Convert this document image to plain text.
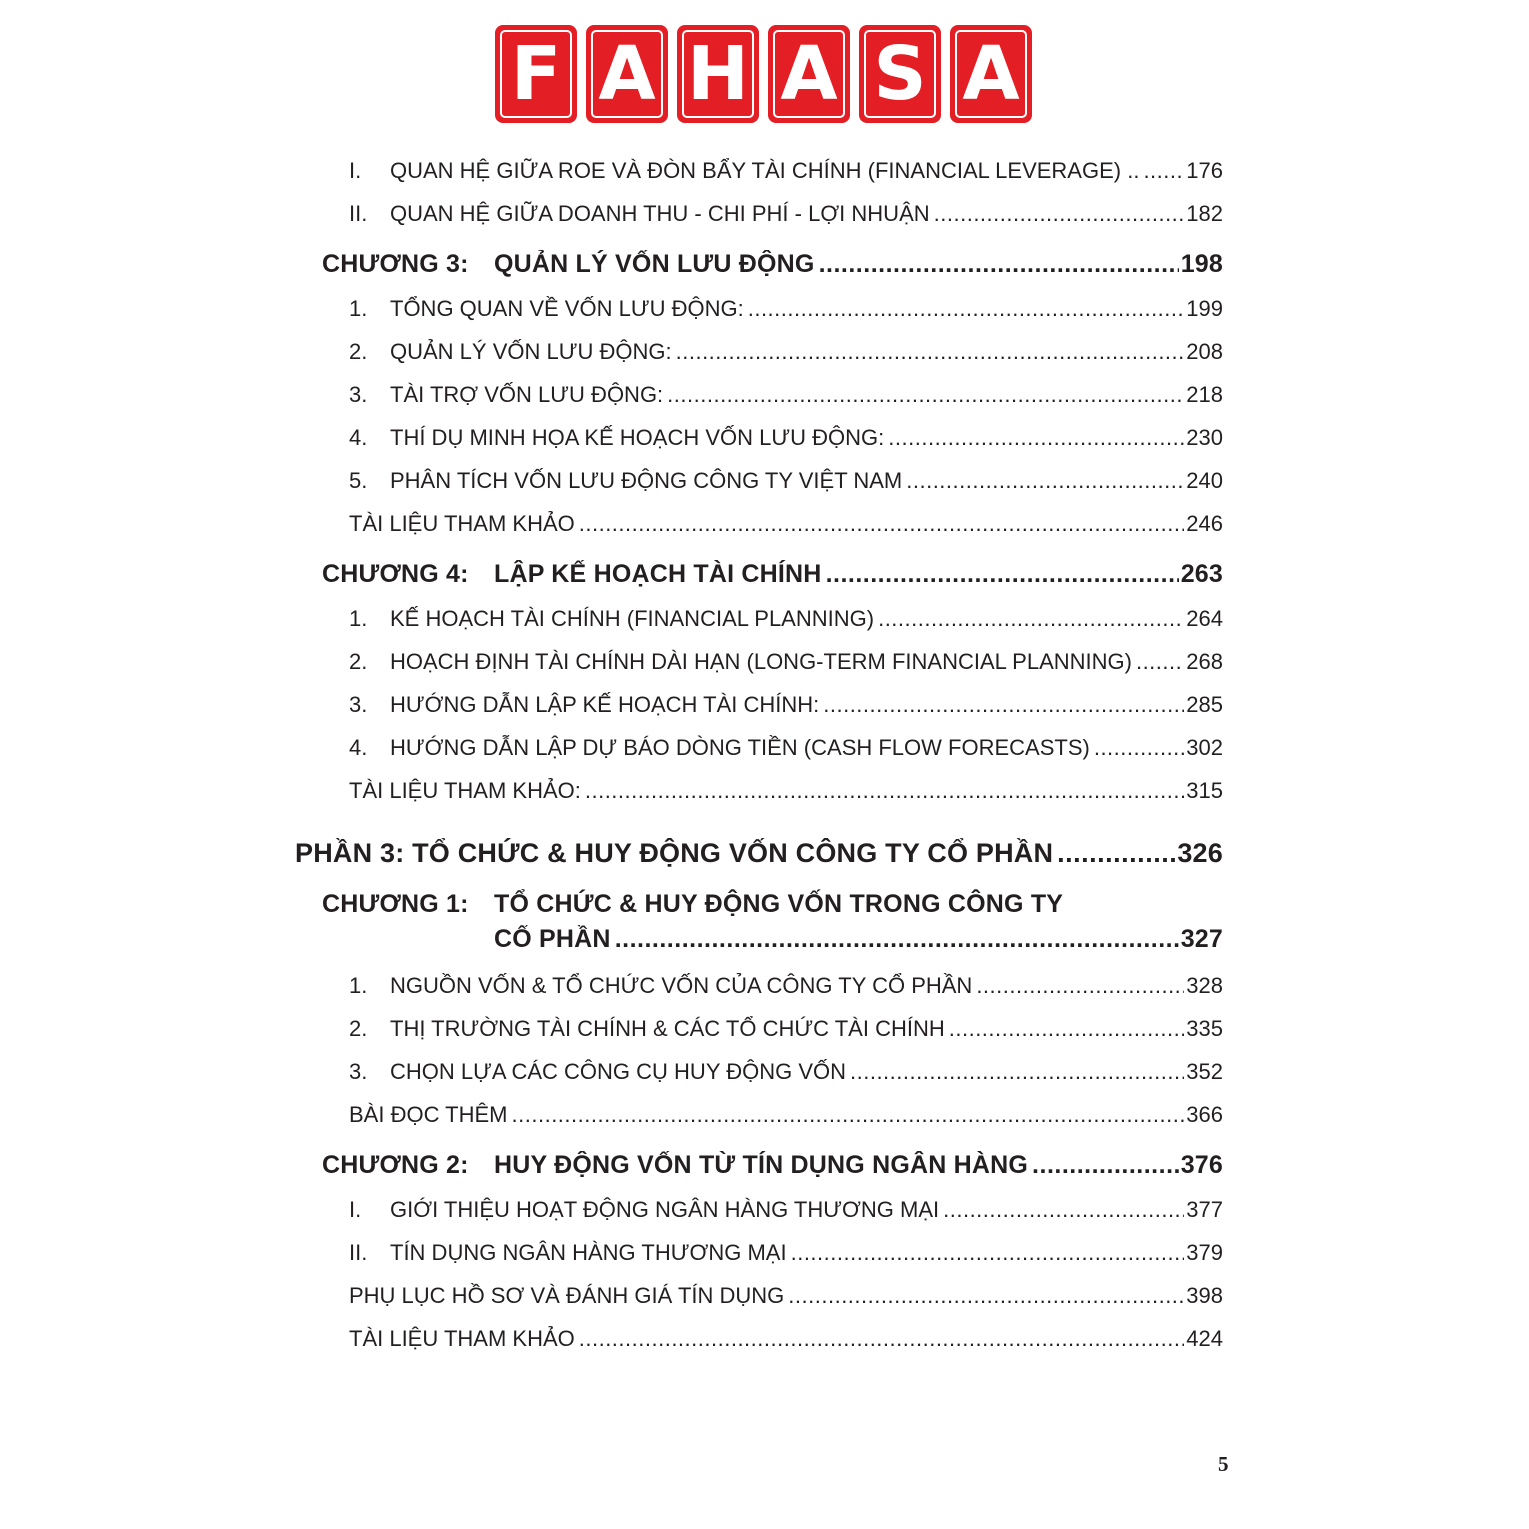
F A H A S A
I.	QUAN HỆ GIỮA ROE VÀ ĐÒN BẨY TÀI CHÍNH (FINANCIAL LEVERAGE) .. ..... 176
II.	QUAN HỆ GIỮA DOANH THU - CHI PHÍ - LỢI NHUẬN .....	182
CHƯƠNG 3:	QUẢN LÝ VỐN LƯU ĐỘNG .....	198
1.	TỔNG QUAN VỀ VỐN LƯU ĐỘNG: .....	199
2.	QUẢN LÝ VỐN LƯU ĐỘNG: .....	208
3.	TÀI TRỢ VỐN LƯU ĐỘNG: .....	218
4.	THÍ DỤ MINH HỌA KẾ HOẠCH VỐN LƯU ĐỘNG: .....	230
5.	PHÂN TÍCH VỐN LƯU ĐỘNG CÔNG TY VIỆT NAM .....	240
TÀI LIỆU THAM KHẢO .....	246
CHƯƠNG 4:	LẬP KẾ HOẠCH TÀI CHÍNH .....	263
1.	KẾ HOẠCH TÀI CHÍNH (FINANCIAL PLANNING) .....	264
2.	HOẠCH ĐỊNH TÀI CHÍNH DÀI HẠN (LONG-TERM FINANCIAL PLANNING) ..... 268
3.	HƯỚNG DẪN LẬP KẾ HOẠCH TÀI CHÍNH: .....	285
4.	HƯỚNG DẪN LẬP DỰ BÁO DÒNG TIỀN (CASH FLOW FORECASTS) .....	302
TÀI LIỆU THAM KHẢO: .....	315
PHẦN 3: TỔ CHỨC & HUY ĐỘNG VỐN CÔNG TY CỔ PHẦN .....	326
CHƯƠNG 1:	TỔ CHỨC & HUY ĐỘNG VỐN TRONG CÔNG TY
CỔ PHẦN .....	327
1.	NGUỒN VỐN & TỔ CHỨC VỐN CỦA CÔNG TY CỔ PHẦN .....	328
2.	THỊ TRƯỜNG TÀI CHÍNH & CÁC TỔ CHỨC TÀI CHÍNH .....	335
3.	CHỌN LỰA CÁC CÔNG CỤ HUY ĐỘNG VỐN .....	352
BÀI ĐỌC THÊM .....	366
CHƯƠNG 2:	HUY ĐỘNG VỐN TỪ TÍN DỤNG NGÂN HÀNG .....	376
I.	GIỚI THIỆU HOẠT ĐỘNG NGÂN HÀNG THƯƠNG MẠI .....	377
II.	TÍN DỤNG NGÂN HÀNG THƯƠNG MẠI .....	379
PHỤ LỤC HỒ SƠ VÀ ĐÁNH GIÁ TÍN DỤNG .....	398
TÀI LIỆU THAM KHẢO .....	424
5
